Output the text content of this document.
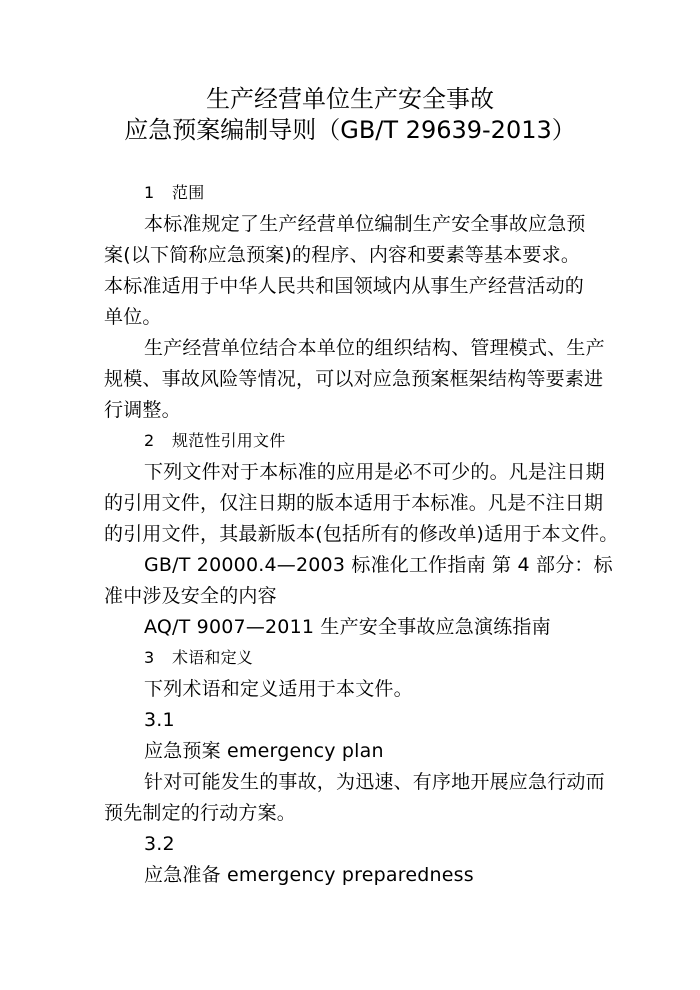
生产经营单位生产安全事故
应急预案编制导则（GB/T 29639-2013）
1 范围
本标准规定了生产经营单位编制生产安全事故应急预
案(以下简称应急预案)的程序、内容和要素等基本要求。
本标准适用于中华人民共和国领域内从事生产经营活动的
单位。
生产经营单位结合本单位的组织结构、管理模式、生产
规模、事故风险等情况，可以对应急预案框架结构等要素进
行调整。
2 规范性引用文件
下列文件对于本标准的应用是必不可少的。凡是注日期
的引用文件，仅注日期的版本适用于本标准。凡是不注日期
的引用文件，其最新版本(包括所有的修改单)适用于本文件。
GB/T 20000.4—2003 标准化工作指南 第 4 部分：标
准中涉及安全的内容
AQ/T 9007—2011 生产安全事故应急演练指南
3 术语和定义
下列术语和定义适用于本文件。
3.1
应急预案 emergency plan
针对可能发生的事故，为迅速、有序地开展应急行动而
预先制定的行动方案。
3.2
应急准备 emergency preparedness
